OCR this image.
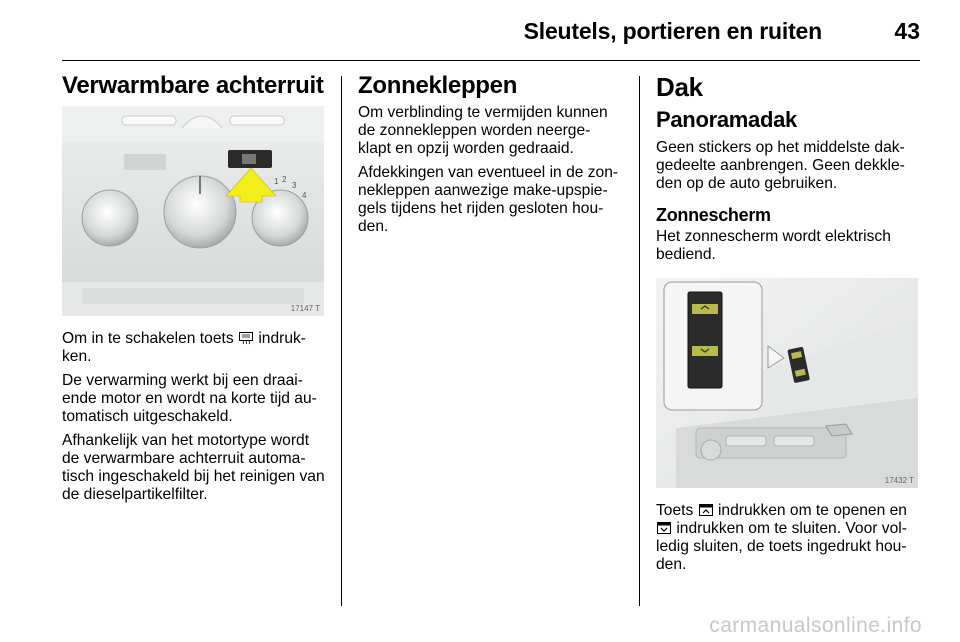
Sleutels, portieren en ruiten	43
Verwarmbare achterruit
1 2
3
4
17147 T

Om in te schakelen toets indruk-ken.

De verwarming werkt bij een draai-ende motor en wordt na korte tijd au-tomatisch uitgeschakeld.

Afhankelijk van het motortype wordt de verwarmbare achterruit automa-tisch ingeschakeld bij het reinigen van de dieselpartikelfilter.

Zonnekleppen

Om verblinding te vermijden kunnen de zonnekleppen worden neerge-klapt en opzij worden gedraaid.

Afdekkingen van eventueel in de zon-nekleppen aanwezige make-upspie-gels tijdens het rijden gesloten hou-den.

Dak
Panoramadak

Geen stickers op het middelste dak-gedeelte aanbrengen. Geen dekkle-den op de auto gebruiken.

Zonnescherm

Het zonnescherm wordt elektrisch bediend.

17432 T

Toets indrukken om te openen en  indrukken om te sluiten. Voor vol-ledig sluiten, de toets ingedrukt hou-den.

carmanualsonline.info
